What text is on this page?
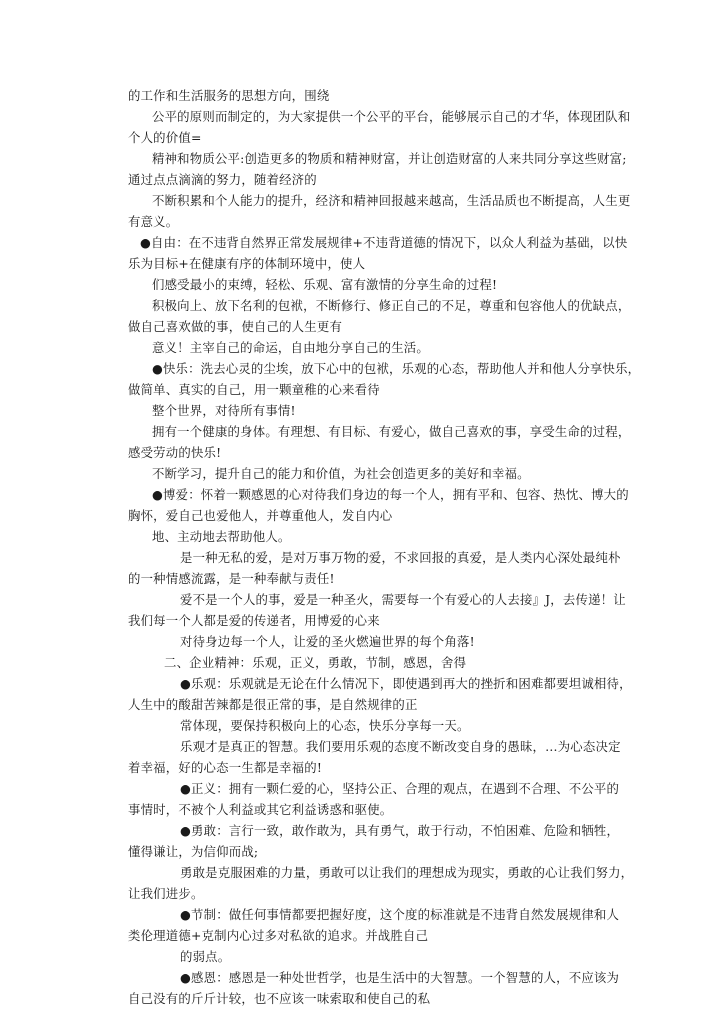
的工作和生活服务的思想方向，围绕
公平的原则而制定的，为大家提供一个公平的平台，能够展示自己的才华，体现团队和
个人的价值=
精神和物质公平:创造更多的物质和精神财富，并让创造财富的人来共同分享这些财富;
通过点点滴滴的努力，随着经济的
不断积累和个人能力的提升，经济和精神回报越来越高，生活品质也不断提高，人生更
有意义。
●自由：在不违背自然界正常发展规律+不违背道德的情况下，以众人利益为基础，以快
乐为目标+在健康有序的体制环境中，使人
们感受最小的束缚，轻松、乐观、富有激情的分享生命的过程!
积极向上、放下名利的包袱，不断修行、修正自己的不足，尊重和包容他人的优缺点，
做自己喜欢做的事，使自己的人生更有
意义！主宰自己的命运，自由地分享自己的生活。
●快乐：洗去心灵的尘埃，放下心中的包袱，乐观的心态，帮助他人并和他人分享快乐，
做简单、真实的自己，用一颗童稚的心来看待
整个世界，对待所有事情!
拥有一个健康的身体。有理想、有目标、有爱心，做自己喜欢的事，享受生命的过程，
感受劳动的快乐!
不断学习，提升自己的能力和价值，为社会创造更多的美好和幸福。
●博爱：怀着一颗感恩的心对待我们身边的每一个人，拥有平和、包容、热忱、博大的
胸怀，爱自己也爱他人，并尊重他人，发自内心
地、主动地去帮助他人。
是一种无私的爱，是对万事万物的爱，不求回报的真爱，是人类内心深处最纯朴
的一种情感流露，是一种奉献与责任!
爱不是一个人的事，爱是一种圣火，需要每一个有爱心的人去接』J，去传递！让
我们每一个人都是爱的传递者，用博爱的心来
对待身边每一个人，让爱的圣火燃遍世界的每个角落!
二、企业精神：乐观，正义，勇敢，节制，感恩，舍得
●乐观：乐观就是无论在什么情况下，即使遇到再大的挫折和困难都要坦诚相待，
人生中的酸甜苦辣都是很正常的事，是自然规律的正
常体现，要保持积极向上的心态，快乐分享每一天。
乐观才是真正的智慧。我们要用乐观的态度不断改变自身的愚昧，…为心态决定
着幸福，好的心态一生都是幸福的!
●正义：拥有一颗仁爱的心，坚持公正、合理的观点，在遇到不合理、不公平的
事情时，不被个人利益或其它利益诱惑和驱使。
●勇敢：言行一致，敢作敢为，具有勇气，敢于行动，不怕困难、危险和牺牲，
懂得谦让，为信仰而战;
勇敢是克服困难的力量，勇敢可以让我们的理想成为现实，勇敢的心让我们努力，
让我们进步。
●节制：做任何事情都要把握好度，这个度的标准就是不违背自然发展规律和人
类伦理道德+克制内心过多对私欲的追求。并战胜自己
的弱点。
●感恩：感恩是一种处世哲学，也是生活中的大智慧。一个智慧的人，不应该为
自己没有的斤斤计较，也不应该一味索取和使自己的私
